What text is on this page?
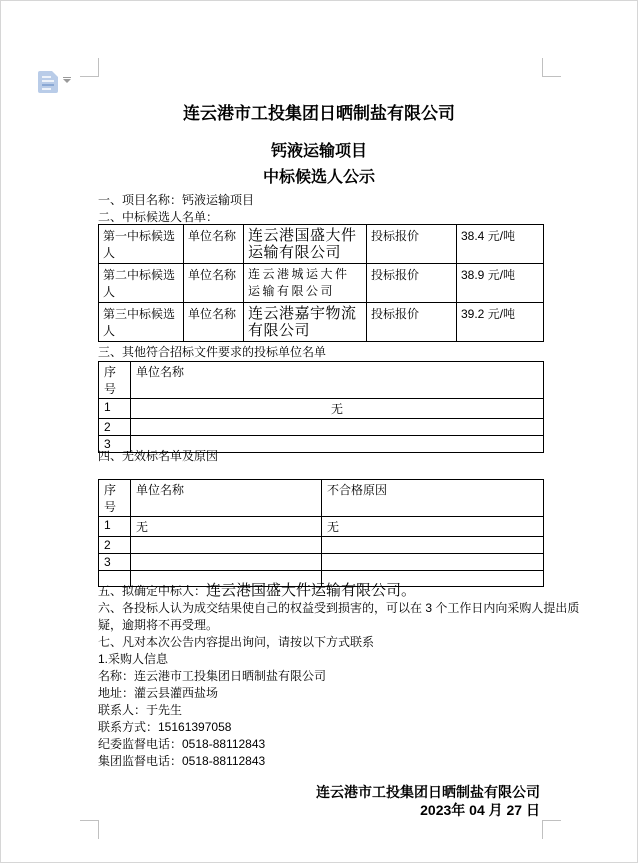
连云港市工投集团日晒制盐有限公司
钙液运输项目
中标候选人公示
一、项目名称：钙液运输项目
二、中标候选人名单：
第一中标候选人	单位名称	连云港国盛大件运输有限公司	投标报价	38.4 元/吨
第二中标候选人	单位名称	连云港城运大件运输有限公司	投标报价	38.9 元/吨
第三中标候选人	单位名称	连云港嘉宇物流有限公司	投标报价	39.2 元/吨
三、其他符合招标文件要求的投标单位名单
序号	单位名称
1	无
2	
3	
四、无效标名单及原因
序号	单位名称	不合格原因
1	无	无
2		
3		

五、拟确定中标人：连云港国盛大件运输有限公司。
六、各投标人认为成交结果使自己的权益受到损害的，可以在 3 个工作日内向采购人提出质
疑，逾期将不再受理。
七、凡对本次公告内容提出询问，请按以下方式联系
1.采购人信息
名称：连云港市工投集团日晒制盐有限公司
地址：灌云县灌西盐场
联系人：于先生
联系方式：15161397058
纪委监督电话：0518-88112843
集团监督电话：0518-88112843
连云港市工投集团日晒制盐有限公司
2023年 04 月 27 日
